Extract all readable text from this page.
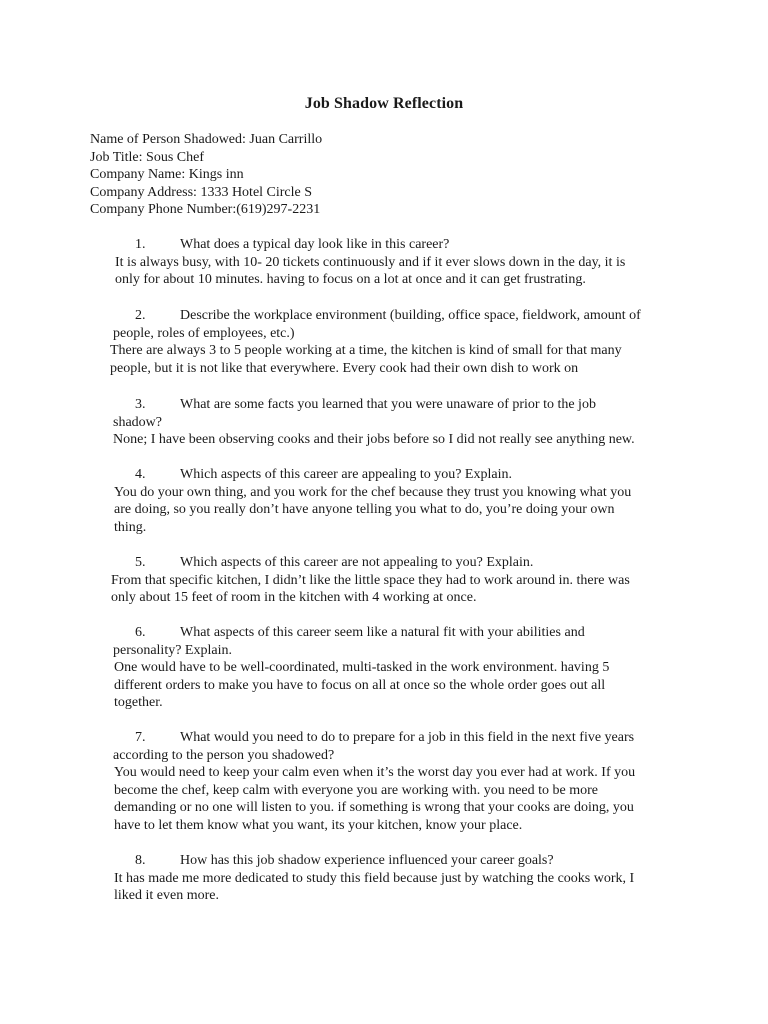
Job Shadow Reflection
Name of Person Shadowed: Juan Carrillo
Job Title: Sous Chef
Company Name: Kings inn
Company Address: 1333 Hotel Circle S
Company Phone Number:(619)297-2231
1. What does a typical day look like in this career?
It is always busy, with 10- 20 tickets continuously and if it ever slows down in the day, it is
only for about 10 minutes. having to focus on a lot at once and it can get frustrating.
2. Describe the workplace environment (building, office space, fieldwork, amount of
people, roles of employees, etc.)
There are always 3 to 5 people working at a time, the kitchen is kind of small for that many
people, but it is not like that everywhere. Every cook had their own dish to work on
3. What are some facts you learned that you were unaware of prior to the job
shadow?
None; I have been observing cooks and their jobs before so I did not really see anything new.
4. Which aspects of this career are appealing to you? Explain.
You do your own thing, and you work for the chef because they trust you knowing what you
are doing, so you really don’t have anyone telling you what to do, you’re doing your own
thing.
5. Which aspects of this career are not appealing to you? Explain.
From that specific kitchen, I didn’t like the little space they had to work around in. there was
only about 15 feet of room in the kitchen with 4 working at once.
6. What aspects of this career seem like a natural fit with your abilities and
personality? Explain.
One would have to be well-coordinated, multi-tasked in the work environment. having 5
different orders to make you have to focus on all at once so the whole order goes out all
together.
7. What would you need to do to prepare for a job in this field in the next five years
according to the person you shadowed?
You would need to keep your calm even when it’s the worst day you ever had at work. If you
become the chef, keep calm with everyone you are working with. you need to be more
demanding or no one will listen to you. if something is wrong that your cooks are doing, you
have to let them know what you want, its your kitchen, know your place.
8. How has this job shadow experience influenced your career goals?
It has made me more dedicated to study this field because just by watching the cooks work, I
liked it even more.
